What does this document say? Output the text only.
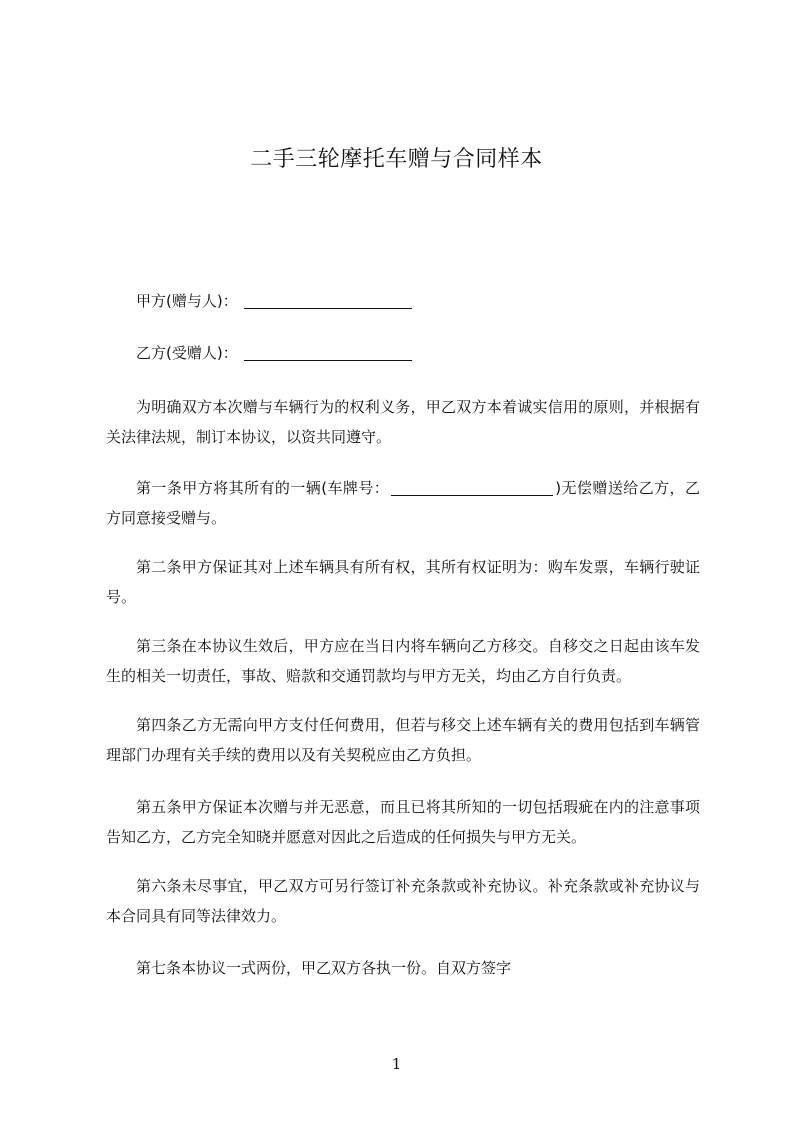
二手三轮摩托车赠与合同样本

甲方(赠与人)：

乙方(受赠人)：

为明确双方本次赠与车辆行为的权利义务，甲乙双方本着诚实信用的原则，并根据有关法律法规，制订本协议，以资共同遵守。

第一条甲方将其所有的一辆(车牌号：	)无偿赠送给乙方，乙方同意接受赠与。

第二条甲方保证其对上述车辆具有所有权，其所有权证明为：购车发票，车辆行驶证号。

第三条在本协议生效后，甲方应在当日内将车辆向乙方移交。自移交之日起由该车发生的相关一切责任，事故、赔款和交通罚款均与甲方无关，均由乙方自行负责。

第四条乙方无需向甲方支付任何费用，但若与移交上述车辆有关的费用包括到车辆管理部门办理有关手续的费用以及有关契税应由乙方负担。

第五条甲方保证本次赠与并无恶意，而且已将其所知的一切包括瑕疵在内的注意事项告知乙方，乙方完全知晓并愿意对因此之后造成的任何损失与甲方无关。

第六条未尽事宜，甲乙双方可另行签订补充条款或补充协议。补充条款或补充协议与本合同具有同等法律效力。

第七条本协议一式两份，甲乙双方各执一份。自双方签字

1
